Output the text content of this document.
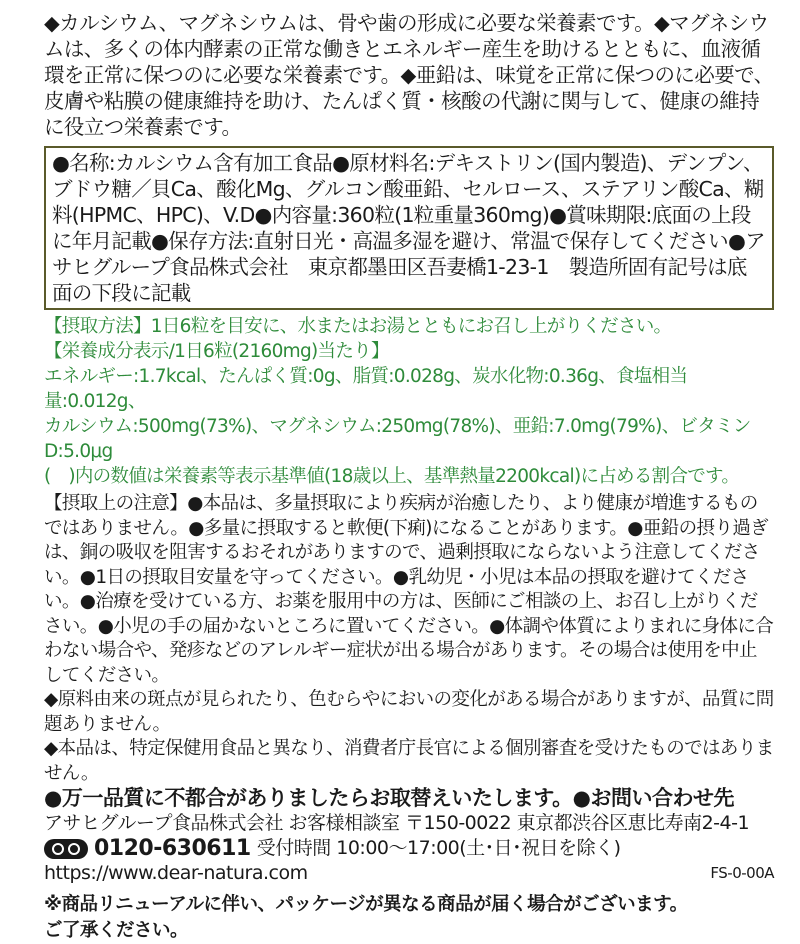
◆カルシウム、マグネシウムは、骨や歯の形成に必要な栄養素です。◆マグネシウムは、多くの体内酵素の正常な働きとエネルギー産生を助けるとともに、血液循環を正常に保つのに必要な栄養素です。◆亜鉛は、味覚を正常に保つのに必要で、皮膚や粘膜の健康維持を助け、たんぱく質・核酸の代謝に関与して、健康の維持に役立つ栄養素です。

●名称:カルシウム含有加工食品●原材料名:デキストリン(国内製造)、デンプン、ブドウ糖／貝Ca、酸化Mg、グルコン酸亜鉛、セルロース、ステアリン酸Ca、糊料(HPMC、HPC)、V.D●内容量:360粒(1粒重量360mg)●賞味期限:底面の上段に年月記載●保存方法:直射日光・高温多湿を避け、常温で保存してください●アサヒグループ食品株式会社　東京都墨田区吾妻橋1-23-1　製造所固有記号は底面の下段に記載

【摂取方法】1日6粒を目安に、水またはお湯とともにお召し上がりください。

【栄養成分表示/1日6粒(2160mg)当たり】

エネルギー:1.7kcal、たんぱく質:0g、脂質:0.028g、炭水化物:0.36g、食塩相当量:0.012g、

カルシウム:500mg(73%)、マグネシウム:250mg(78%)、亜鉛:7.0mg(79%)、ビタミンD:5.0μg

(　)内の数値は栄養素等表示基準値(18歳以上、基準熱量2200kcal)に占める割合です。

【摂取上の注意】●本品は、多量摂取により疾病が治癒したり、より健康が増進するものではありません。●多量に摂取すると軟便(下痢)になることがあります。●亜鉛の摂り過ぎは、銅の吸収を阻害するおそれがありますので、過剰摂取にならないよう注意してください。●1日の摂取目安量を守ってください。●乳幼児・小児は本品の摂取を避けてください。●治療を受けている方、お薬を服用中の方は、医師にご相談の上、お召し上がりください。●小児の手の届かないところに置いてください。●体調や体質によりまれに身体に合わない場合や、発疹などのアレルギー症状が出る場合があります。その場合は使用を中止してください。

◆原料由来の斑点が見られたり、色むらやにおいの変化がある場合がありますが、品質に問題ありません。

◆本品は、特定保健用食品と異なり、消費者庁長官による個別審査を受けたものではありません。

●万一品質に不都合がありましたらお取替えいたします。●お問い合わせ先

アサヒグループ食品株式会社 お客様相談室 〒150-0022 東京都渋谷区恵比寿南2-4-1

0120-630611 受付時間 10:00〜17:00(土･日･祝日を除く)
https://www.dear-natura.com	FS-0-00A

※商品リニューアルに伴い、パッケージが異なる商品が届く場合がございます。

ご了承ください。
